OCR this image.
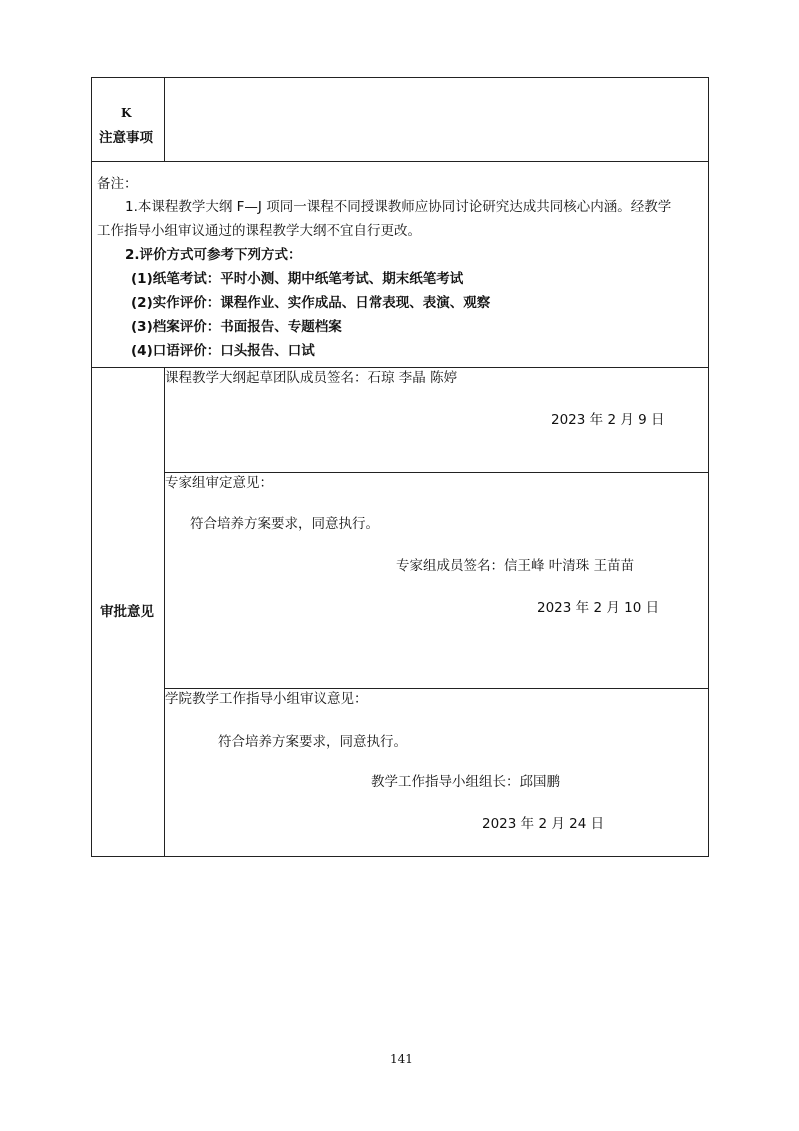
K
注意事项
备注：
1.本课程教学大纲 F—J 项同一课程不同授课教师应协同讨论研究达成共同核心内涵。经教学
工作指导小组审议通过的课程教学大纲不宜自行更改。
2.评价方式可参考下列方式：
(1)纸笔考试：平时小测、期中纸笔考试、期末纸笔考试
(2)实作评价：课程作业、实作成品、日常表现、表演、观察
(3)档案评价：书面报告、专题档案
(4)口语评价：口头报告、口试
审批意见
课程教学大纲起草团队成员签名：石琼 李晶 陈婷
2023 年 2 月 9 日
专家组审定意见：
符合培养方案要求，同意执行。
专家组成员签名：信王峰 叶清珠 王苗苗
2023 年 2 月 10 日
学院教学工作指导小组审议意见：
符合培养方案要求，同意执行。
教学工作指导小组组长：邱国鹏
2023 年 2 月 24 日
141
